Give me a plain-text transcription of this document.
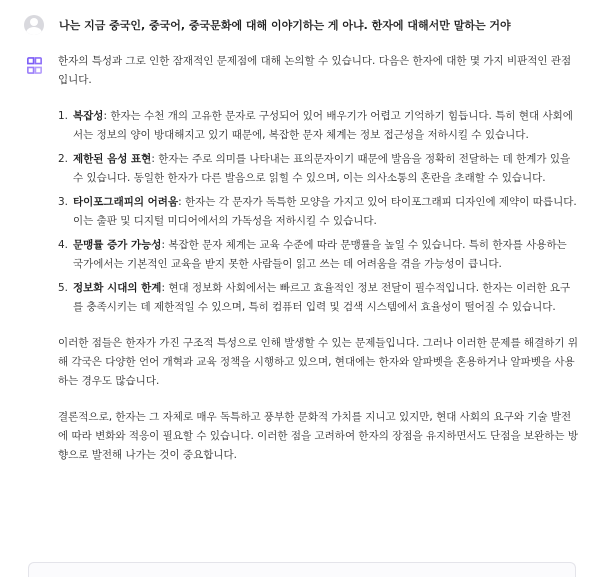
나는 지금 중국인, 중국어, 중국문화에 대해 이야기하는 게 아냐. 한자에 대해서만 말하는 거야

한자의 특성과 그로 인한 잠재적인 문제점에 대해 논의할 수 있습니다. 다음은 한자에 대한 몇 가지 비판적인 관점입니다.

1. 복잡성: 한자는 수천 개의 고유한 문자로 구성되어 있어 배우기가 어렵고 기억하기 힘듭니다. 특히 현대 사회에서는 정보의 양이 방대해지고 있기 때문에, 복잡한 문자 체계는 정보 접근성을 저하시킬 수 있습니다.
2. 제한된 음성 표현: 한자는 주로 의미를 나타내는 표의문자이기 때문에 발음을 정확히 전달하는 데 한계가 있을 수 있습니다. 동일한 한자가 다른 발음으로 읽힐 수 있으며, 이는 의사소통의 혼란을 초래할 수 있습니다.
3. 타이포그래피의 어려움: 한자는 각 문자가 독특한 모양을 가지고 있어 타이포그래피 디자인에 제약이 따릅니다. 이는 출판 및 디지털 미디어에서의 가독성을 저하시킬 수 있습니다.
4. 문맹률 증가 가능성: 복잡한 문자 체계는 교육 수준에 따라 문맹률을 높일 수 있습니다. 특히 한자를 사용하는 국가에서는 기본적인 교육을 받지 못한 사람들이 읽고 쓰는 데 어려움을 겪을 가능성이 큽니다.
5. 정보화 시대의 한계: 현대 정보화 사회에서는 빠르고 효율적인 정보 전달이 필수적입니다. 한자는 이러한 요구를 충족시키는 데 제한적일 수 있으며, 특히 컴퓨터 입력 및 검색 시스템에서 효율성이 떨어질 수 있습니다.

이러한 점들은 한자가 가진 구조적 특성으로 인해 발생할 수 있는 문제들입니다. 그러나 이러한 문제를 해결하기 위해 각국은 다양한 언어 개혁과 교육 정책을 시행하고 있으며, 현대에는 한자와 알파벳을 혼용하거나 알파벳을 사용하는 경우도 많습니다.

결론적으로, 한자는 그 자체로 매우 독특하고 풍부한 문화적 가치를 지니고 있지만, 현대 사회의 요구와 기술 발전에 따라 변화와 적응이 필요할 수 있습니다. 이러한 점을 고려하여 한자의 장점을 유지하면서도 단점을 보완하는 방향으로 발전해 나가는 것이 중요합니다.
